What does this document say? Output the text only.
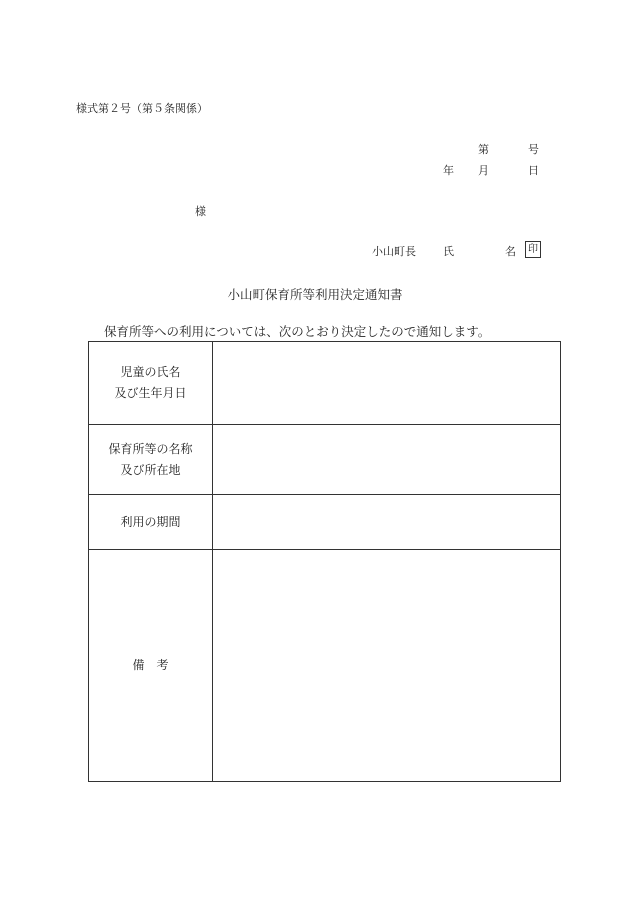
様式第２号（第５条関係）
第	号
年 月	日
様
小山町長 氏	名	印
小山町保育所等利用決定通知書
保育所等への利用については、次のとおり決定したので通知します。
児童の氏名
及び生年月日	

保育所等の名称
及び所在地	

利用の期間	

備　考	
